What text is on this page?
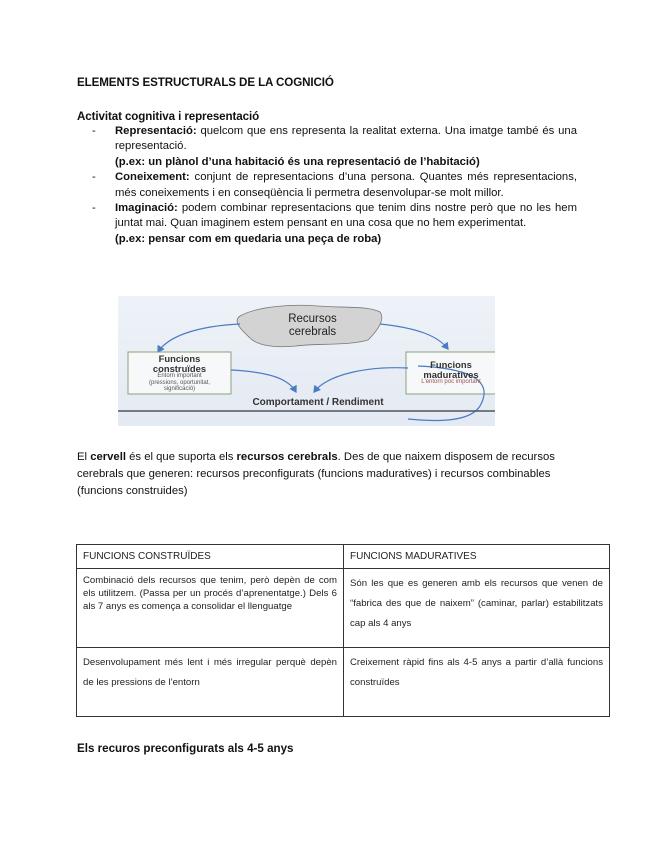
ELEMENTS ESTRUCTURALS DE LA COGNICIÓ
Activitat cognitiva i representació
- Representació: quelcom que ens representa la realitat externa. Una imatge també és una representació.
(p.ex: un plànol d’una habitació és una representació de l’habitació)
- Coneixement: conjunt de representacions d’una persona. Quantes més representacions, més coneixements i en conseqüència li permetra desenvolupar-se molt millor.
- Imaginació: podem combinar representacions que tenim dins nostre però que no les hem juntat mai. Quan imaginem estem pensant en una cosa que no hem experimentat.
(p.ex: pensar com em quedaria una peça de roba)
Recursos
cerebrals
Funcions
construïdes
Entorn important
(pressions, oportunitat,
significació)
Funcions
maduratives
L'entorn poc important
Comportament / Rendiment
El cervell és el que suporta els recursos cerebrals. Des de que naixem disposem de recursos cerebrals que generen: recursos preconfigurats (funcions maduratives) i recursos combinables (funcions construides)
FUNCIONS CONSTRUÏDES	FUNCIONS MADURATIVES
Combinació dels recursos que tenim, però depèn de com els utilitzem. (Passa per un procés d’aprenentatge.) Dels 6 als 7 anys es comença a consolidar el llenguatge	Són les que es generen amb els recursos que venen de “fabrica des que de naixem” (caminar, parlar) estabilitzats cap als 4 anys
Desenvolupament més lent i més irregular perquè depèn de les pressions de l’entorn	Creixement ràpid fins als 4-5 anys a partir d’allà funcions construïdes
Els recuros preconfigurats als 4-5 anys
